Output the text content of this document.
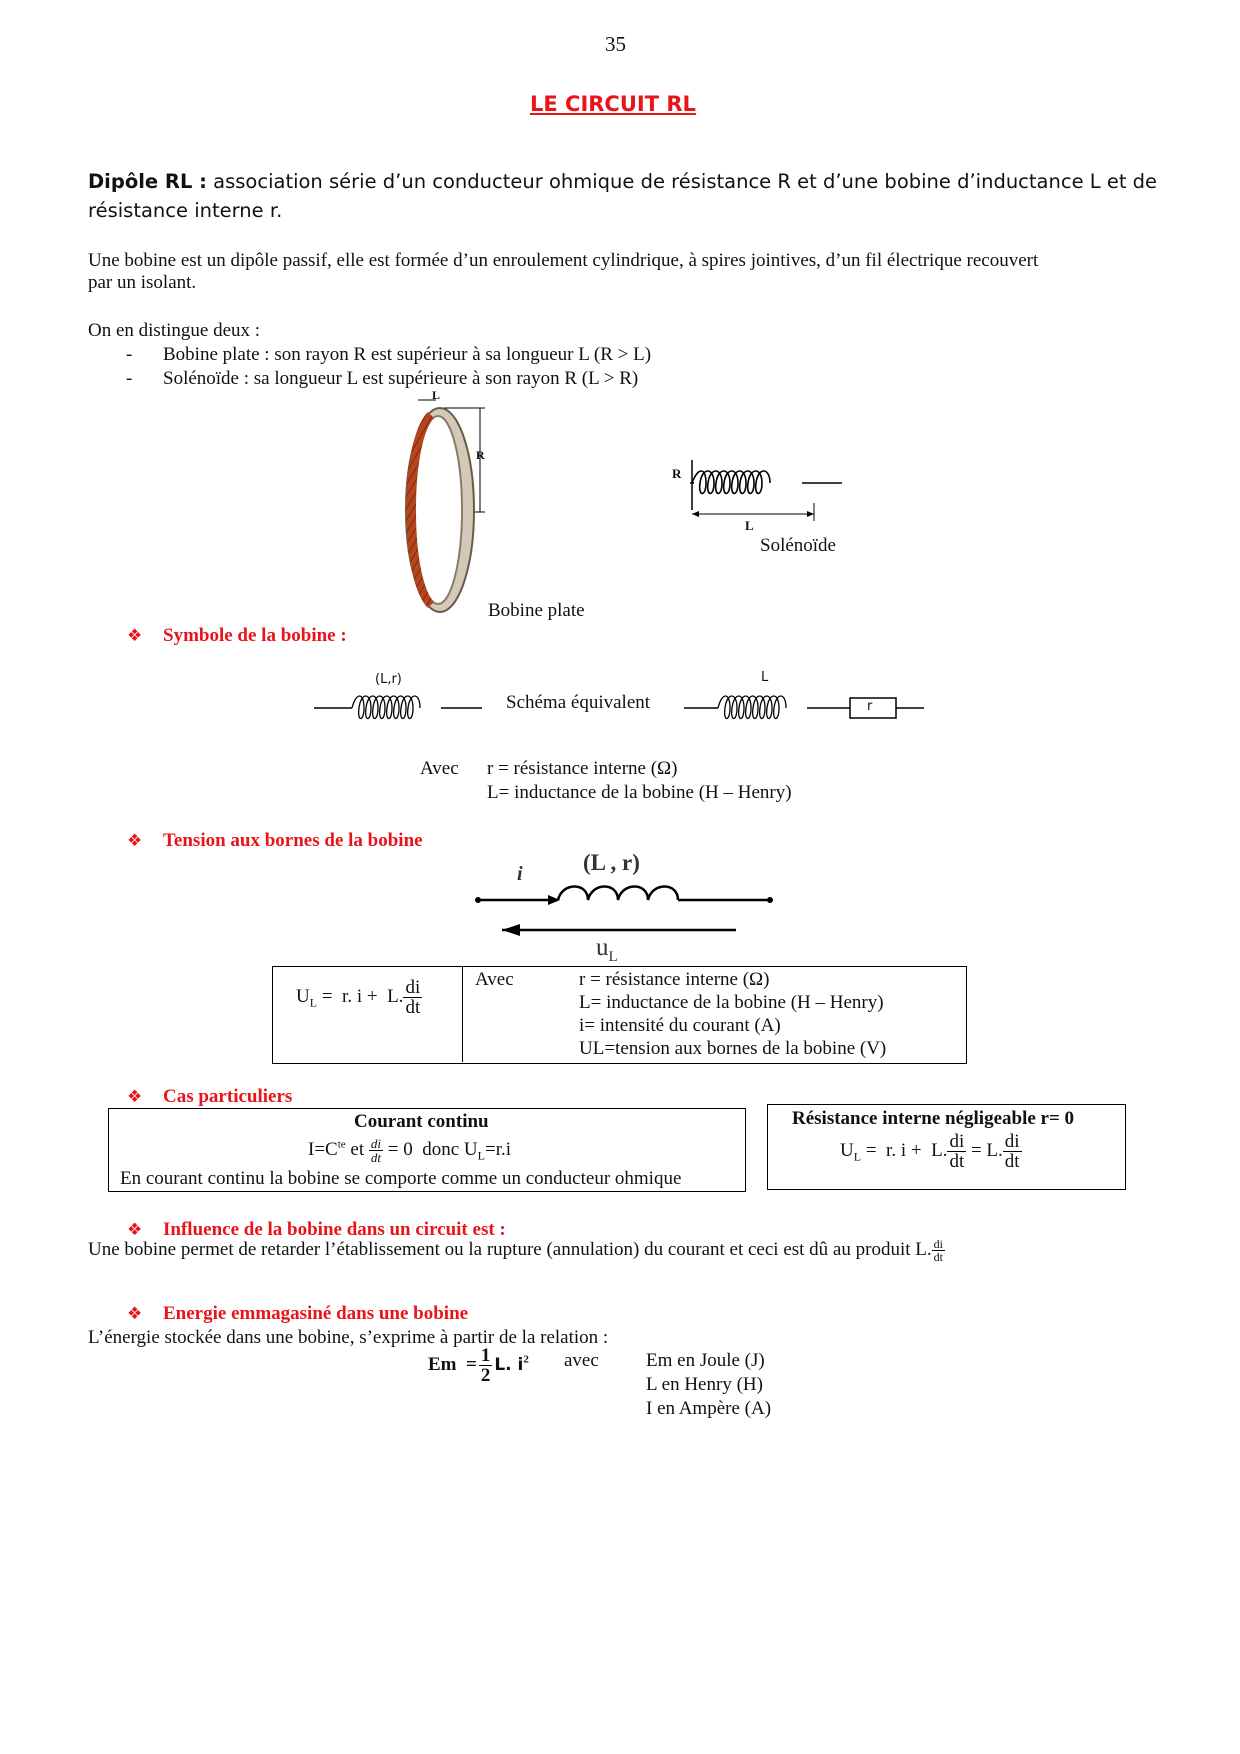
35
LE CIRCUIT RL
Dipôle RL : association série d’un conducteur ohmique de résistance R et d’une bobine d’inductance L et de
résistance interne r.
Une bobine est un dipôle passif, elle est formée d’un enroulement cylindrique, à spires jointives, d’un fil électrique recouvert
par un isolant.
On en distingue deux :
- Bobine plate : son rayon R est supérieur à sa longueur L (R > L)
- Solénoïde : sa longueur L est supérieure à son rayon R (L > R)
L
R
Bobine plate
R
L
Solénoïde
❖ Symbole de la bobine :
(L,r)
Schéma équivalent
L
r
Avec r = résistance interne (Ω)
L= inductance de la bobine (H – Henry)
❖ Tension aux bornes de la bobine
i	(L , r)
$u_L$
$U_L = r$. i +  L. $\frac{di}{dt}$	Avec	r = résistance interne (Ω)
L= inductance de la bobine (H – Henry)
i= intensité du courant (A)
UL=tension aux bornes de la bobine (V)
❖ Cas particuliers
Courant continu
$I=C^{te}$ et $\frac{di}{dt} = 0$  donc $U_L=r.i$
En courant continu la bobine se comporte comme un conducteur ohmique
Résistance interne négligeable r= 0
$U_L = r$. i +  L. $\frac{di}{dt} = L$. $\frac{di}{dt}$
❖ Influence de la bobine dans un circuit est :
Une bobine permet de retarder l’établissement ou la rupture (annulation) du courant et ceci est dû au produit L. $\frac{di}{dt}$
❖ Energie emmagasiné dans une bobine
L’énergie stockée dans une bobine, s’exprime à partir de la relation :
$Em = \frac{1}{2} L$. $i^2$ avec Em en Joule (J)
L en Henry (H)
I en Ampère (A)
